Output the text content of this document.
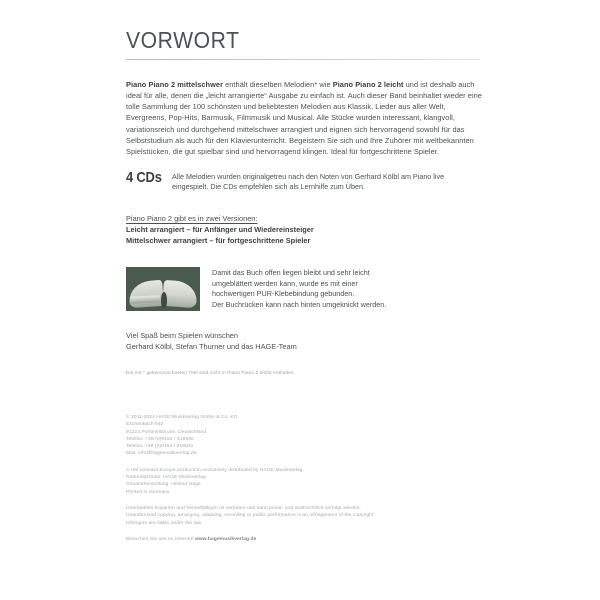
VORWORT

Piano Piano 2 mittelschwer enthält dieselben Melodien* wie Piano Piano 2 leicht und ist deshalb auch ideal für alle, denen die „leicht arrangierte“ Ausgabe zu einfach ist. Auch dieser Band beinhaltet wieder eine tolle Sammlung der 100 schönsten und beliebtesten Melodien aus Klassik, Lieder aus aller Welt, Evergreens, Pop-Hits, Barmusik, Filmmusik und Musical. Alle Stücke wurden interessant, klangvoll, variationsreich und durchgehend mittelschwer arrangiert und eignen sich hervorragend sowohl für das Selbststudium als auch für den Klavierunterricht. Begeistern Sie sich und Ihre Zuhörer mit weltbekannten Spielstücken, die gut spielbar sind und hervorragend klingen. Ideal für fortgeschrittene Spieler.

4 CDs	Alle Melodien wurden originalgetreu nach den Noten von Gerhard Kölbl am Piano live eingespielt. Die CDs empfehlen sich als Lernhilfe zum Üben.
Piano Piano 2 gibt es in zwei Versionen:
Leicht arrangiert – für Anfänger und Wiedereinsteiger
Mittelschwer arrangiert – für fortgeschrittene Spieler
Damit das Buch offen liegen bleibt und sehr leicht
umgeblättert werden kann, wurde es mit einer
hochwertigen PUR-Klebebindung gebunden.
Der Buchrücken kann nach hinten umgeknickt werden.
Viel Spaß beim Spielen wünschen
Gerhard Kölbl, Stefan Thurner und das HAGE-Team
Die mit * gekennzeichneten Titel sind nicht in Piano Piano 2 leicht enthalten.
© 2011-2024 HAGE Musikverlag GmbH & Co. KG
Eschenbach 542
91224 Pommelsbrunn, Deutschland
Telefon: +49 (0)9154 / 918940
Telefax: +49 (0)9154 / 918941
Mail: info@hagemusikverlag.de
A Hal Leonard Europe production exclusively distributed by HAGE Musikverlag.
Notensatz/Satz: HAGE Musikverlag
Gesamtherstellung: Helmut Hage
Printed in Germany
Unerlaubtes Kopieren und Vervielfältigen ist verboten und kann privat- und strafrechtlich verfolgt werden.
Unauthorized copying, arranging, adapting, recording or public performance is an infringement of the copyright
Infringers are liable under the law.
Besuchen Sie uns im Internet! www.hagemusikverlag.de
